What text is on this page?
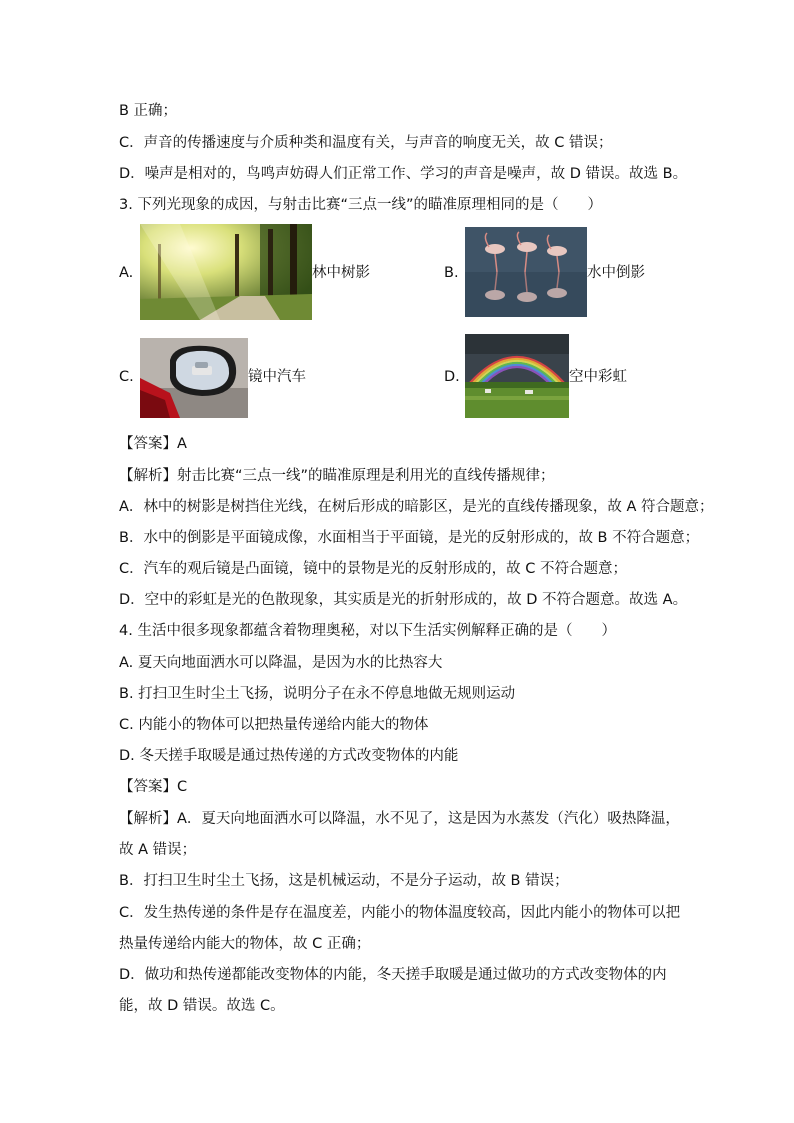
B 正确；
C．声音的传播速度与介质种类和温度有关，与声音的响度无关，故 C 错误；
D．噪声是相对的，鸟鸣声妨碍人们正常工作、学习的声音是噪声，故 D 错误。故选 B。
3. 下列光现象的成因，与射击比赛“三点一线”的瞄准原理相同的是（　　）
A.	林中树影	B.	水中倒影
C.	镜中汽车	D.	空中彩虹
【答案】A
【解析】射击比赛“三点一线”的瞄准原理是利用光的直线传播规律；
A．林中的树影是树挡住光线，在树后形成的暗影区，是光的直线传播现象，故 A 符合题意；
B．水中的倒影是平面镜成像，水面相当于平面镜，是光的反射形成的，故 B 不符合题意；
C．汽车的观后镜是凸面镜，镜中的景物是光的反射形成的，故 C 不符合题意；
D．空中的彩虹是光的色散现象，其实质是光的折射形成的，故 D 不符合题意。故选 A。
4. 生活中很多现象都蕴含着物理奥秘，对以下生活实例解释正确的是（　　）
A. 夏天向地面洒水可以降温，是因为水的比热容大
B. 打扫卫生时尘土飞扬，说明分子在永不停息地做无规则运动
C. 内能小的物体可以把热量传递给内能大的物体
D. 冬天搓手取暖是通过热传递的方式改变物体的内能
【答案】C
【解析】A．夏天向地面洒水可以降温，水不见了，这是因为水蒸发（汽化）吸热降温，
故 A 错误；
B．打扫卫生时尘土飞扬，这是机械运动，不是分子运动，故 B 错误；
C．发生热传递的条件是存在温度差，内能小的物体温度较高，因此内能小的物体可以把
热量传递给内能大的物体，故 C 正确；
D．做功和热传递都能改变物体的内能，冬天搓手取暖是通过做功的方式改变物体的内
能，故 D 错误。故选 C。
